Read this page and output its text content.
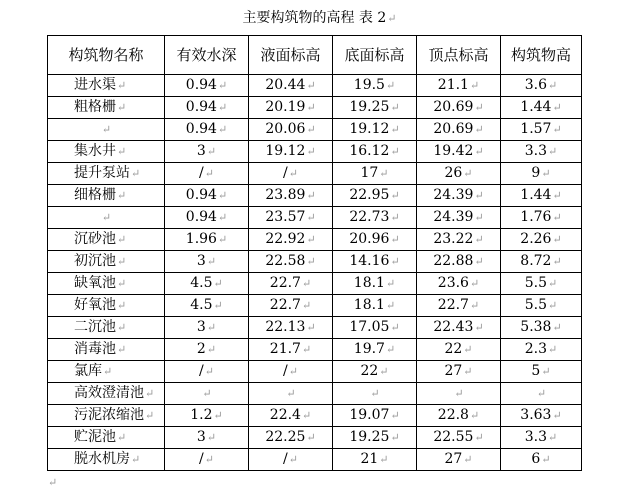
主要构筑物的高程 表 2↵
构筑物名称	有效水深	液面标高	底面标高	顶点标高	构筑物高
进水渠↵	0.94↵	20.44↵	19.5↵	21.1↵	3.6↵
粗格栅↵	0.94↵	20.19↵	19.25↵	20.69↵	1.44↵
↵	0.94↵	20.06↵	19.12↵	20.69↵	1.57↵
集水井↵	3↵	19.12↵	16.12↵	19.42↵	3.3↵
提升泵站↵	/↵	/↵	17↵	26↵	9↵
细格栅↵	0.94↵	23.89↵	22.95↵	24.39↵	1.44↵
↵	0.94↵	23.57↵	22.73↵	24.39↵	1.76↵
沉砂池↵	1.96↵	22.92↵	20.96↵	23.22↵	2.26↵
初沉池↵	3↵	22.58↵	14.16↵	22.88↵	8.72↵
缺氧池↵	4.5↵	22.7↵	18.1↵	23.6↵	5.5↵
好氧池↵	4.5↵	22.7↵	18.1↵	22.7↵	5.5↵
二沉池↵	3↵	22.13↵	17.05↵	22.43↵	5.38↵
消毒池↵	2↵	21.7↵	19.7↵	22↵	2.3↵
氯库↵	/↵	/↵	22↵	27↵	5↵
高效澄清池↵	↵	↵	↵	↵	↵
污泥浓缩池↵	1.2↵	22.4↵	19.07↵	22.8↵	3.63↵
贮泥池↵	3↵	22.25↵	19.25↵	22.55↵	3.3↵
脱水机房↵	/↵	/↵	21↵	27↵	6↵
↵
